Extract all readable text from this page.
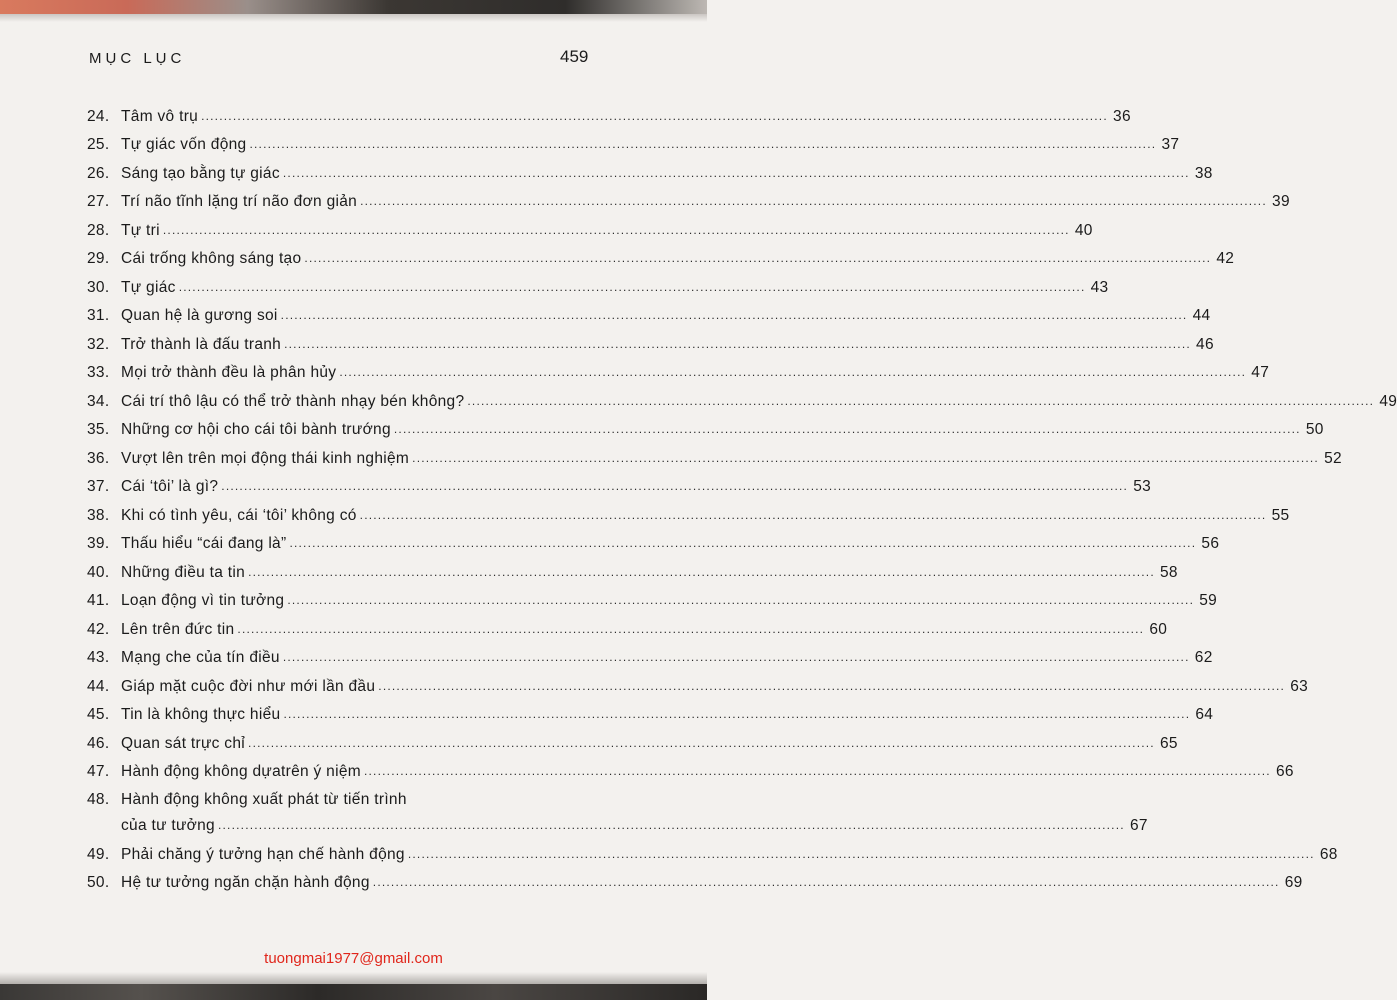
MỤC LỤC	459
24. Tâm vô trụ ........................................................................................................................................................................................................ 36
25. Tự giác vốn động ........................................................................................................................................................................................................ 37
26. Sáng tạo bằng tự giác ........................................................................................................................................................................................................ 38
27. Trí não tĩnh lặng trí não đơn giản ........................................................................................................................................................................................................ 39
28. Tự tri ........................................................................................................................................................................................................ 40
29. Cái trống không sáng tạo ........................................................................................................................................................................................................ 42
30. Tự giác ........................................................................................................................................................................................................ 43
31. Quan hệ là gương soi ........................................................................................................................................................................................................ 44
32. Trở thành là đấu tranh ........................................................................................................................................................................................................ 46
33. Mọi trở thành đều là phân hủy ........................................................................................................................................................................................................ 47
34. Cái trí thô lậu có thể trở thành nhạy bén không? ........................................................................................................................................................................................................ 49
35. Những cơ hội cho cái tôi bành trướng ........................................................................................................................................................................................................ 50
36. Vượt lên trên mọi động thái kinh nghiệm ........................................................................................................................................................................................................ 52
37. Cái ‘tôi’ là gì? ........................................................................................................................................................................................................ 53
38. Khi có tình yêu, cái ‘tôi’ không có ........................................................................................................................................................................................................ 55
39. Thấu hiểu “cái đang là” ........................................................................................................................................................................................................ 56
40. Những điều ta tin ........................................................................................................................................................................................................ 58
41. Loạn động vì tin tưởng ........................................................................................................................................................................................................ 59
42. Lên trên đức tin ........................................................................................................................................................................................................ 60
43. Mạng che của tín điều ........................................................................................................................................................................................................ 62
44. Giáp mặt cuộc đời như mới lần đầu ........................................................................................................................................................................................................ 63
45. Tin là không thực hiểu ........................................................................................................................................................................................................ 64
46. Quan sát trực chỉ ........................................................................................................................................................................................................ 65
47. Hành động không dựatrên ý niệm ........................................................................................................................................................................................................ 66
48. Hành động không xuất phát từ tiến trình
của tư tưởng ........................................................................................................................................................................................................ 67
49. Phải chăng ý tưởng hạn chế hành động ........................................................................................................................................................................................................ 68
50. Hệ tư tưởng ngăn chặn hành động ........................................................................................................................................................................................................ 69
tuongmai1977@gmail.com
